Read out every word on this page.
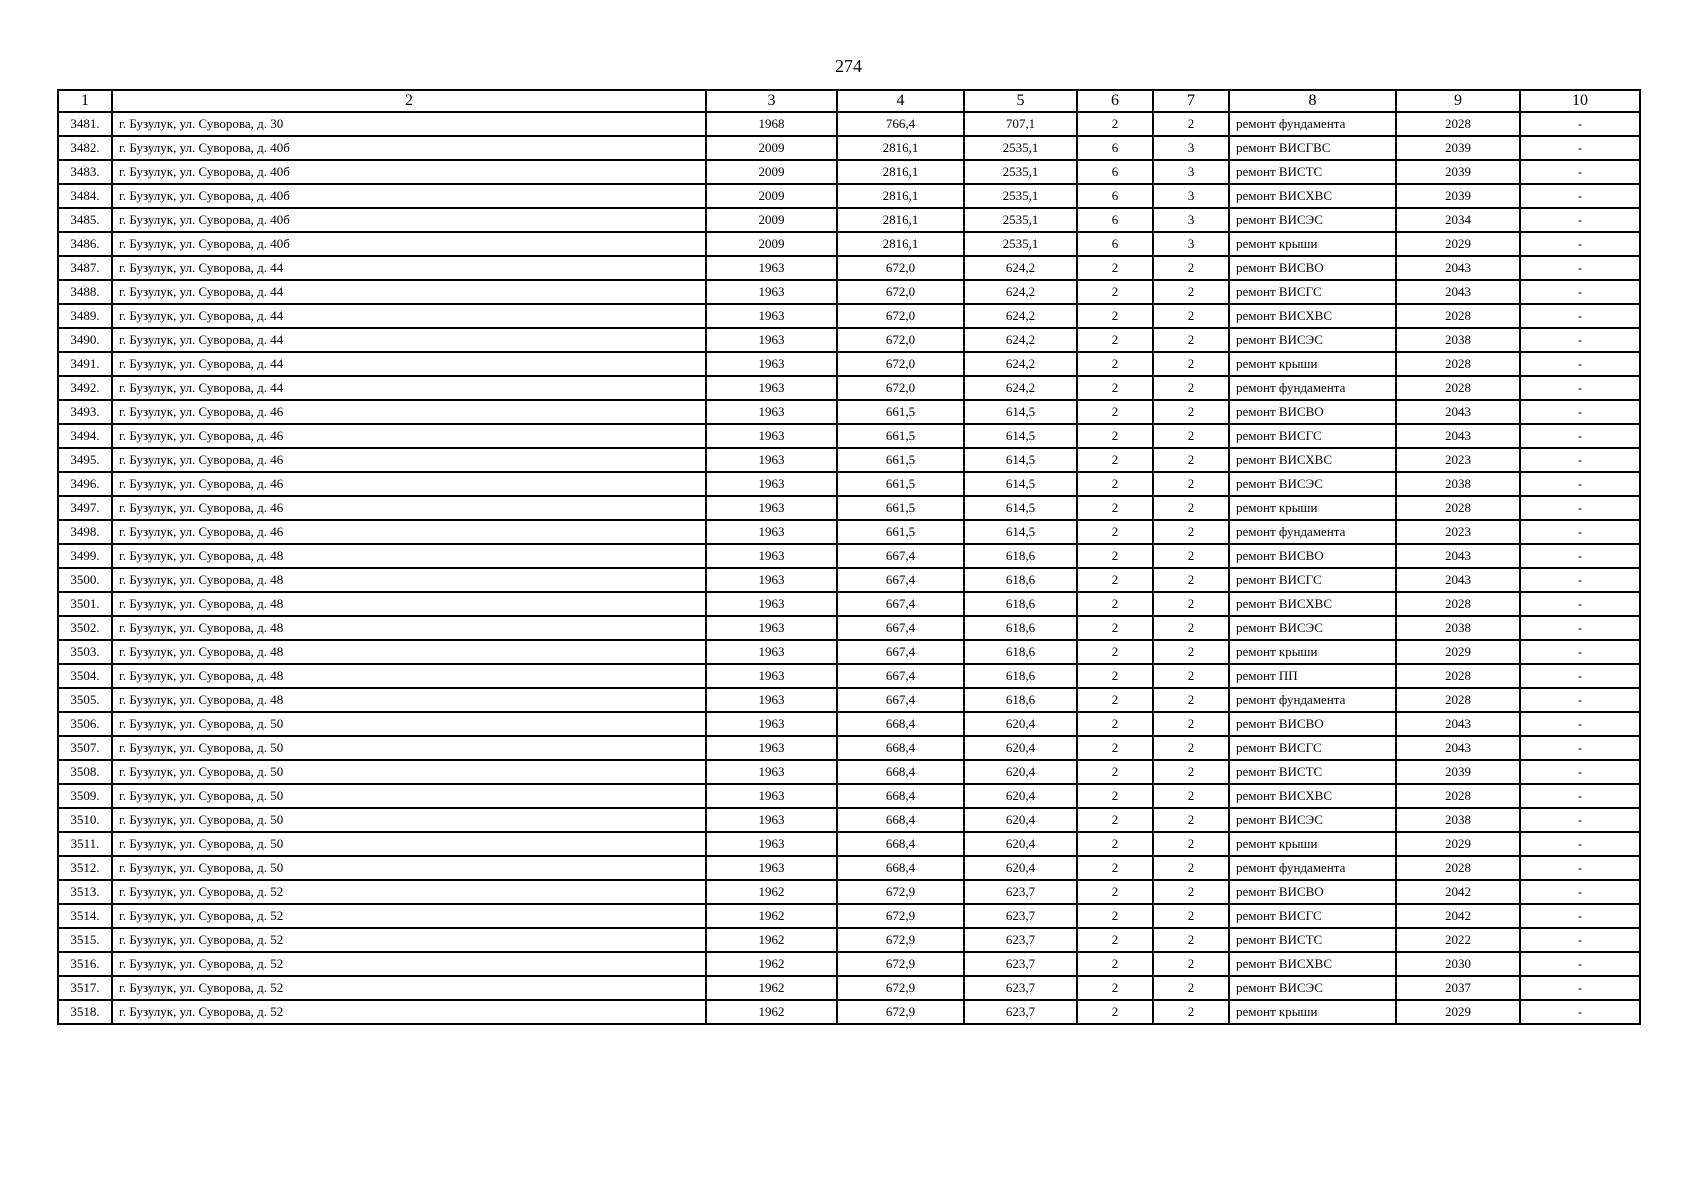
274
1	2	3	4	5	6	7	8	9	10
3481.	г. Бузулук, ул. Суворова, д. 30	1968	766,4	707,1	2	2	ремонт фундамента	2028	-
3482.	г. Бузулук, ул. Суворова, д. 40б	2009	2816,1	2535,1	6	3	ремонт ВИСГВС	2039	-
3483.	г. Бузулук, ул. Суворова, д. 40б	2009	2816,1	2535,1	6	3	ремонт ВИСТС	2039	-
3484.	г. Бузулук, ул. Суворова, д. 40б	2009	2816,1	2535,1	6	3	ремонт ВИСХВС	2039	-
3485.	г. Бузулук, ул. Суворова, д. 40б	2009	2816,1	2535,1	6	3	ремонт ВИСЭС	2034	-
3486.	г. Бузулук, ул. Суворова, д. 40б	2009	2816,1	2535,1	6	3	ремонт крыши	2029	-
3487.	г. Бузулук, ул. Суворова, д. 44	1963	672,0	624,2	2	2	ремонт ВИСВО	2043	-
3488.	г. Бузулук, ул. Суворова, д. 44	1963	672,0	624,2	2	2	ремонт ВИСГС	2043	-
3489.	г. Бузулук, ул. Суворова, д. 44	1963	672,0	624,2	2	2	ремонт ВИСХВС	2028	-
3490.	г. Бузулук, ул. Суворова, д. 44	1963	672,0	624,2	2	2	ремонт ВИСЭС	2038	-
3491.	г. Бузулук, ул. Суворова, д. 44	1963	672,0	624,2	2	2	ремонт крыши	2028	-
3492.	г. Бузулук, ул. Суворова, д. 44	1963	672,0	624,2	2	2	ремонт фундамента	2028	-
3493.	г. Бузулук, ул. Суворова, д. 46	1963	661,5	614,5	2	2	ремонт ВИСВО	2043	-
3494.	г. Бузулук, ул. Суворова, д. 46	1963	661,5	614,5	2	2	ремонт ВИСГС	2043	-
3495.	г. Бузулук, ул. Суворова, д. 46	1963	661,5	614,5	2	2	ремонт ВИСХВС	2023	-
3496.	г. Бузулук, ул. Суворова, д. 46	1963	661,5	614,5	2	2	ремонт ВИСЭС	2038	-
3497.	г. Бузулук, ул. Суворова, д. 46	1963	661,5	614,5	2	2	ремонт крыши	2028	-
3498.	г. Бузулук, ул. Суворова, д. 46	1963	661,5	614,5	2	2	ремонт фундамента	2023	-
3499.	г. Бузулук, ул. Суворова, д. 48	1963	667,4	618,6	2	2	ремонт ВИСВО	2043	-
3500.	г. Бузулук, ул. Суворова, д. 48	1963	667,4	618,6	2	2	ремонт ВИСГС	2043	-
3501.	г. Бузулук, ул. Суворова, д. 48	1963	667,4	618,6	2	2	ремонт ВИСХВС	2028	-
3502.	г. Бузулук, ул. Суворова, д. 48	1963	667,4	618,6	2	2	ремонт ВИСЭС	2038	-
3503.	г. Бузулук, ул. Суворова, д. 48	1963	667,4	618,6	2	2	ремонт крыши	2029	-
3504.	г. Бузулук, ул. Суворова, д. 48	1963	667,4	618,6	2	2	ремонт ПП	2028	-
3505.	г. Бузулук, ул. Суворова, д. 48	1963	667,4	618,6	2	2	ремонт фундамента	2028	-
3506.	г. Бузулук, ул. Суворова, д. 50	1963	668,4	620,4	2	2	ремонт ВИСВО	2043	-
3507.	г. Бузулук, ул. Суворова, д. 50	1963	668,4	620,4	2	2	ремонт ВИСГС	2043	-
3508.	г. Бузулук, ул. Суворова, д. 50	1963	668,4	620,4	2	2	ремонт ВИСТС	2039	-
3509.	г. Бузулук, ул. Суворова, д. 50	1963	668,4	620,4	2	2	ремонт ВИСХВС	2028	-
3510.	г. Бузулук, ул. Суворова, д. 50	1963	668,4	620,4	2	2	ремонт ВИСЭС	2038	-
3511.	г. Бузулук, ул. Суворова, д. 50	1963	668,4	620,4	2	2	ремонт крыши	2029	-
3512.	г. Бузулук, ул. Суворова, д. 50	1963	668,4	620,4	2	2	ремонт фундамента	2028	-
3513.	г. Бузулук, ул. Суворова, д. 52	1962	672,9	623,7	2	2	ремонт ВИСВО	2042	-
3514.	г. Бузулук, ул. Суворова, д. 52	1962	672,9	623,7	2	2	ремонт ВИСГС	2042	-
3515.	г. Бузулук, ул. Суворова, д. 52	1962	672,9	623,7	2	2	ремонт ВИСТС	2022	-
3516.	г. Бузулук, ул. Суворова, д. 52	1962	672,9	623,7	2	2	ремонт ВИСХВС	2030	-
3517.	г. Бузулук, ул. Суворова, д. 52	1962	672,9	623,7	2	2	ремонт ВИСЭС	2037	-
3518.	г. Бузулук, ул. Суворова, д. 52	1962	672,9	623,7	2	2	ремонт крыши	2029	-
